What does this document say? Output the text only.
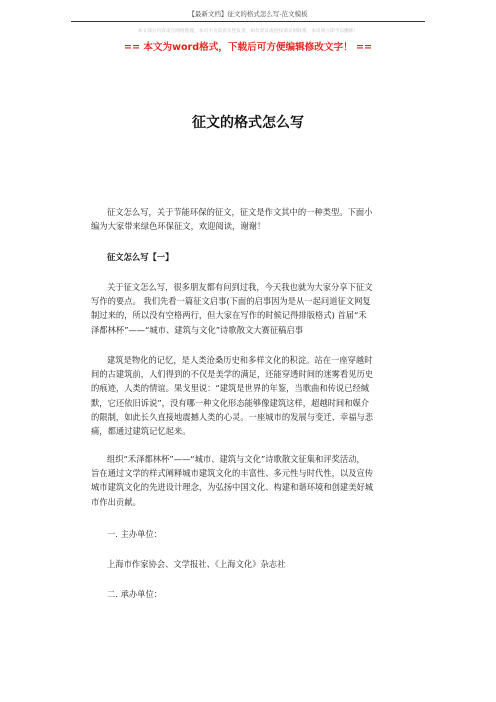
【最新文档】征文的格式怎么写-范文模板
本文部分内容来自网络整理，本司不为其真实性负责，如有异议或侵权请及时联系，本司将立即予以删除！
== 本文为word格式，下载后可方便编辑修改文字！ ==
征文的格式怎么写
征文怎么写，关于节能环保的征文，征文是作文其中的一种类型。下面小
编为大家带来绿色环保征文，欢迎阅读，谢谢！
征文怎么写【一】
关于征文怎么写，很多朋友都有问到过我，今天我也就为大家分享下征文
写作的要点。 我们先看一篇征文启事(下面的启事因为是从一起问道征文网复
制过来的，所以没有空格两行，但大家在写作的时候记得排版格式) 首届“禾
泽都林杯”——“城市、建筑与文化”诗歌散文大赛征稿启事
建筑是物化的记忆，是人类沧桑历史和多样文化的积淀。站在一座穿越时
间的古建筑前，人们得到的不仅是美学的满足，还能穿透时间的迷雾看见历史
的痕迹，人类的情谊。果戈里说：“建筑是世界的年鉴，当歌曲和传说已经缄
默，它还依旧诉说”，没有哪一种文化形态能够像建筑这样，超越时间和媒介
的限制，如此长久直接地震撼人类的心灵。一座城市的发展与变迁、幸福与悲
痛，都通过建筑记忆起来。
组织“禾泽都林杯”——“城市、建筑与文化”诗歌散文征集和评奖活动，
旨在通过文学的样式阐释城市建筑文化的丰富性、多元性与时代性，以及宣传
城市建筑文化的先进设计理念，为弘扬中国文化、构建和谐环境和创建美好城
市作出贡献。
一. 主办单位：
上海市作家协会、文学报社、《上海文化》杂志社
二. 承办单位：
